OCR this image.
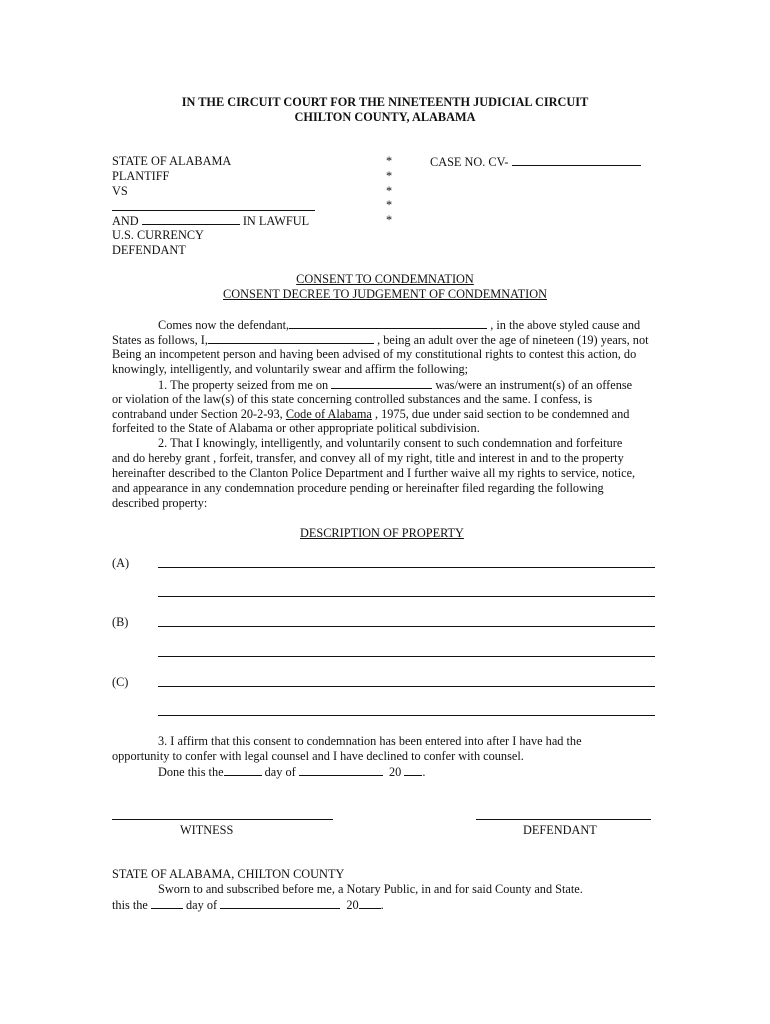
IN THE CIRCUIT COURT FOR THE NINETEENTH JUDICIAL CIRCUIT
CHILTON COUNTY, ALABAMA
STATE OF ALABAMA
PLANTIFF
VS
AND	IN LAWFUL
U.S. CURRENCY
DEFENDANT
*
*
*
*
*
CASE NO. CV-
CONSENT TO CONDEMNATION
CONSENT DECREE TO JUDGEMENT OF CONDEMNATION
Comes now the defendant,	, in the above styled cause and
States as follows, I,	, being an adult over the age of nineteen (19) years, not
Being an incompetent person and having been advised of my constitutional rights to contest this action, do
knowingly, intelligently, and voluntarily swear and affirm the following;
1. The property seized from me on	was/were an instrument(s) of an offense
or violation of the law(s) of this state concerning controlled substances and the same. I confess, is
contraband under Section 20-2-93, Code of Alabama , 1975, due under said section to be condemned and
forfeited to the State of Alabama or other appropriate political subdivision.
2. That I knowingly, intelligently, and voluntarily consent to such condemnation and forfeiture
and do hereby grant , forfeit, transfer, and convey all of my right, title and interest in and to the property
hereinafter described to the Clanton Police Department and I further waive all my rights to service, notice,
and appearance in any condemnation procedure pending or hereinafter filed regarding the following
described property:
DESCRIPTION OF PROPERTY
(A)
(B)
(C)
3. I affirm that this consent to condemnation has been entered into after I have had the
opportunity to confer with legal counsel and I have declined to confer with counsel.
Done this the	day of	20 .
WITNESS	DEFENDANT
STATE OF ALABAMA, CHILTON COUNTY
Sworn to and subscribed before me, a Notary Public, in and for said County and State.
this the	day of	20 .
